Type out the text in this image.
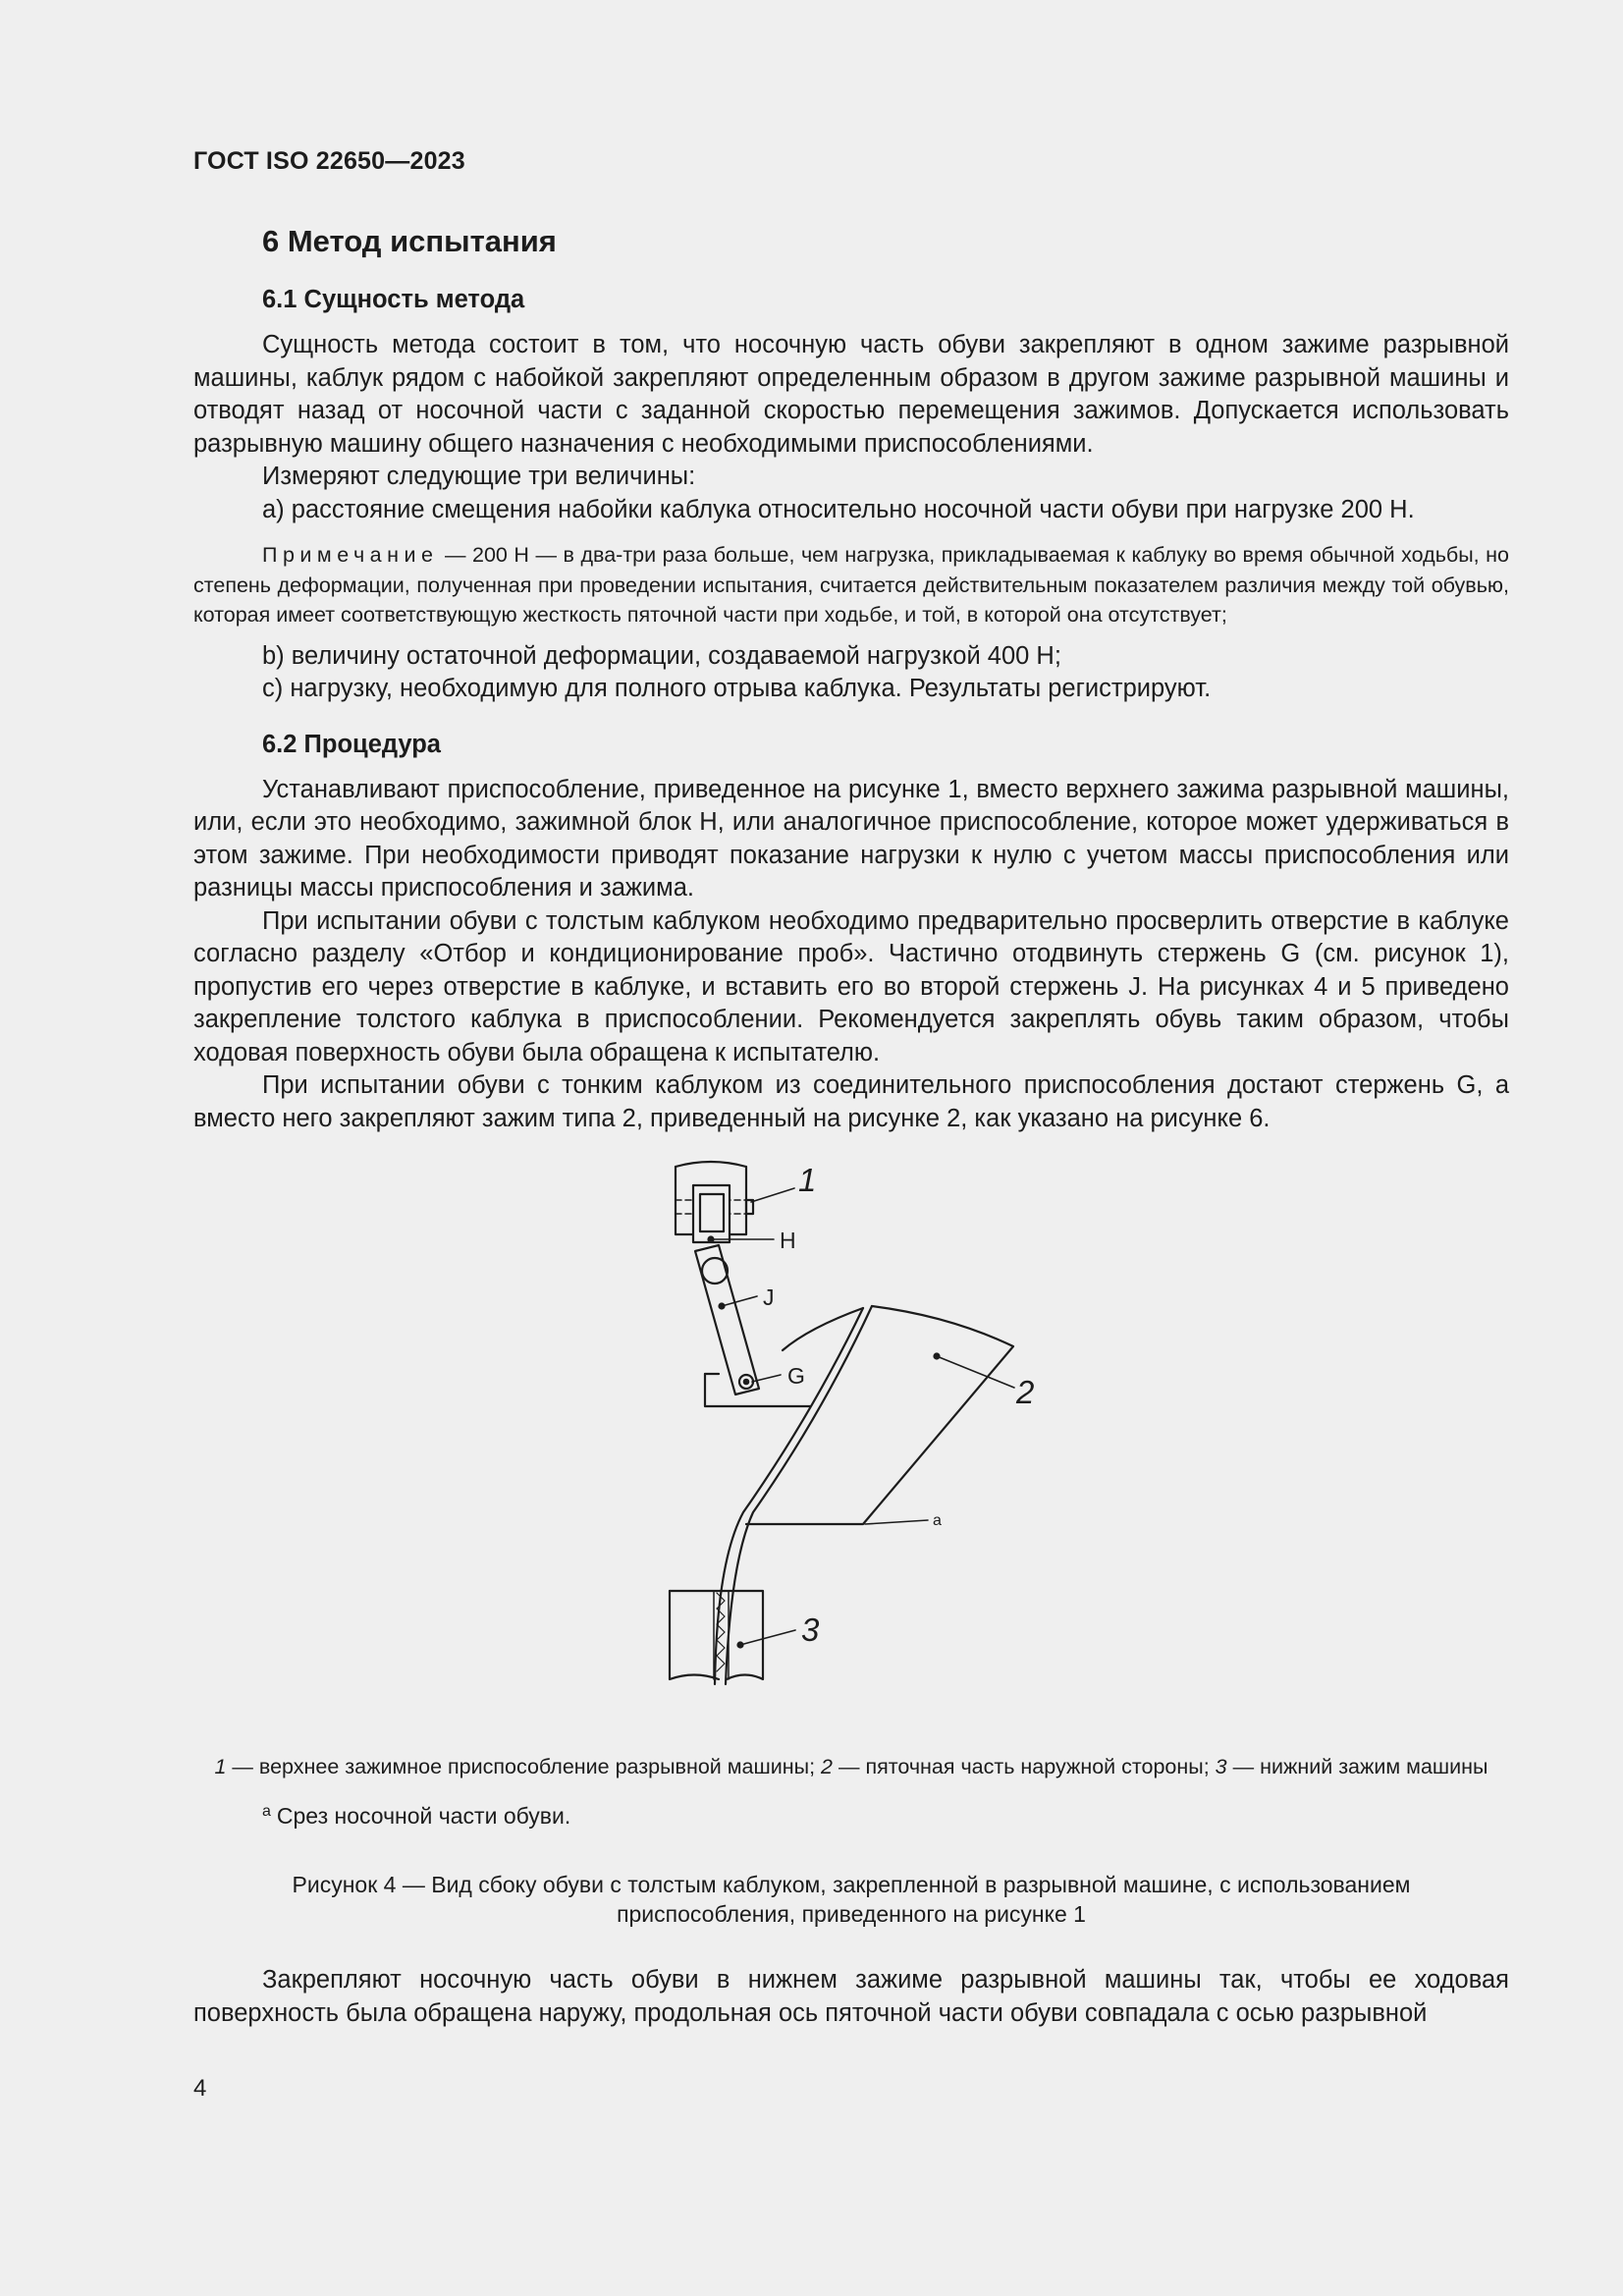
ГОСТ ISO 22650—2023
6 Метод испытания
6.1 Сущность метода

Сущность метода состоит в том, что носочную часть обуви закрепляют в одном зажиме разрывной машины, каблук рядом с набойкой закрепляют определенным образом в другом зажиме разрывной машины и отводят назад от носочной части с заданной скоростью перемещения зажимов. Допускается использовать разрывную машину общего назначения с необходимыми приспособлениями.

Измеряют следующие три величины:

a) расстояние смещения набойки каблука относительно носочной части обуви при нагрузке 200 Н.

Примечание — 200 Н — в два-три раза больше, чем нагрузка, прикладываемая к каблуку во время обычной ходьбы, но степень деформации, полученная при проведении испытания, считается действительным показателем различия между той обувью, которая имеет соответствующую жесткость пяточной части при ходьбе, и той, в которой она отсутствует;

b) величину остаточной деформации, создаваемой нагрузкой 400 Н;

c) нагрузку, необходимую для полного отрыва каблука. Результаты регистрируют.

6.2 Процедура

Устанавливают приспособление, приведенное на рисунке 1, вместо верхнего зажима разрывной машины, или, если это необходимо, зажимной блок H, или аналогичное приспособление, которое может удерживаться в этом зажиме. При необходимости приводят показание нагрузки к нулю с учетом массы приспособления или разницы массы приспособления и зажима.

При испытании обуви с толстым каблуком необходимо предварительно просверлить отверстие в каблуке согласно разделу «Отбор и кондиционирование проб». Частично отодвинуть стержень G (см. рисунок 1), пропустив его через отверстие в каблуке, и вставить его во второй стержень J. На рисунках 4 и 5 приведено закрепление толстого каблука в приспособлении. Рекомендуется закреплять обувь таким образом, чтобы ходовая поверхность обуви была обращена к испытателю.

При испытании обуви с тонким каблуком из соединительного приспособления достают стержень G, а вместо него закрепляют зажим типа 2, приведенный на рисунке 2, как указано на рисунке 6.

1
H
J
G	2
a
3
1 — верхнее зажимное приспособление разрывной машины; 2 — пяточная часть наружной стороны; 3 — нижний зажим машины
$^a$ Срез носочной части обуви.
Рисунок 4 — Вид сбоку обуви с толстым каблуком, закрепленной в разрывной машине, с использованием приспособления, приведенного на рисунке 1

Закрепляют носочную часть обуви в нижнем зажиме разрывной машины так, чтобы ее ходовая поверхность была обращена наружу, продольная ось пяточной части обуви совпадала с осью разрывной

4
